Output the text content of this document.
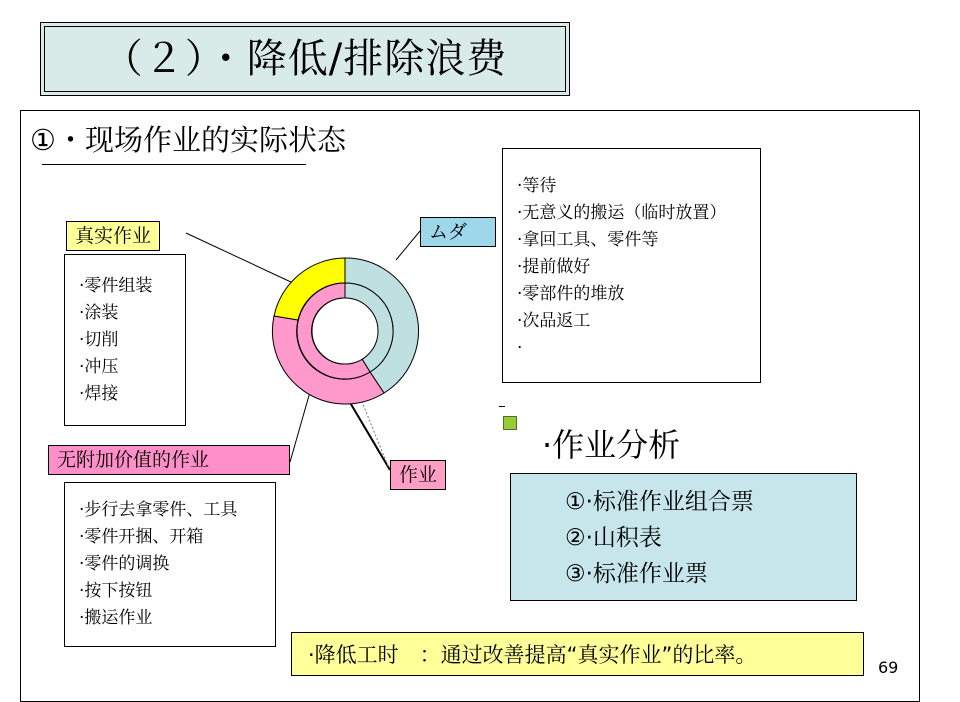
（２）・降低/排除浪费
①・现场作业的实际状态
真实作业	ムダ
无附加价值的作业
作业
·零件组装
·涂装
·切削
·冲压
·焊接
·等待
·无意义的搬运（临时放置）
·拿回工具、零件等
·提前做好
·零部件的堆放
·次品返工
·
·步行去拿零件、工具
·零件开捆、开箱
·零件的调换
·按下按钮
·搬运作业
·作业分析
①·标准作业组合票
②·山积表
③·标准作业票
·降低工时　：通过改善提高“真实作业”的比率。
69
